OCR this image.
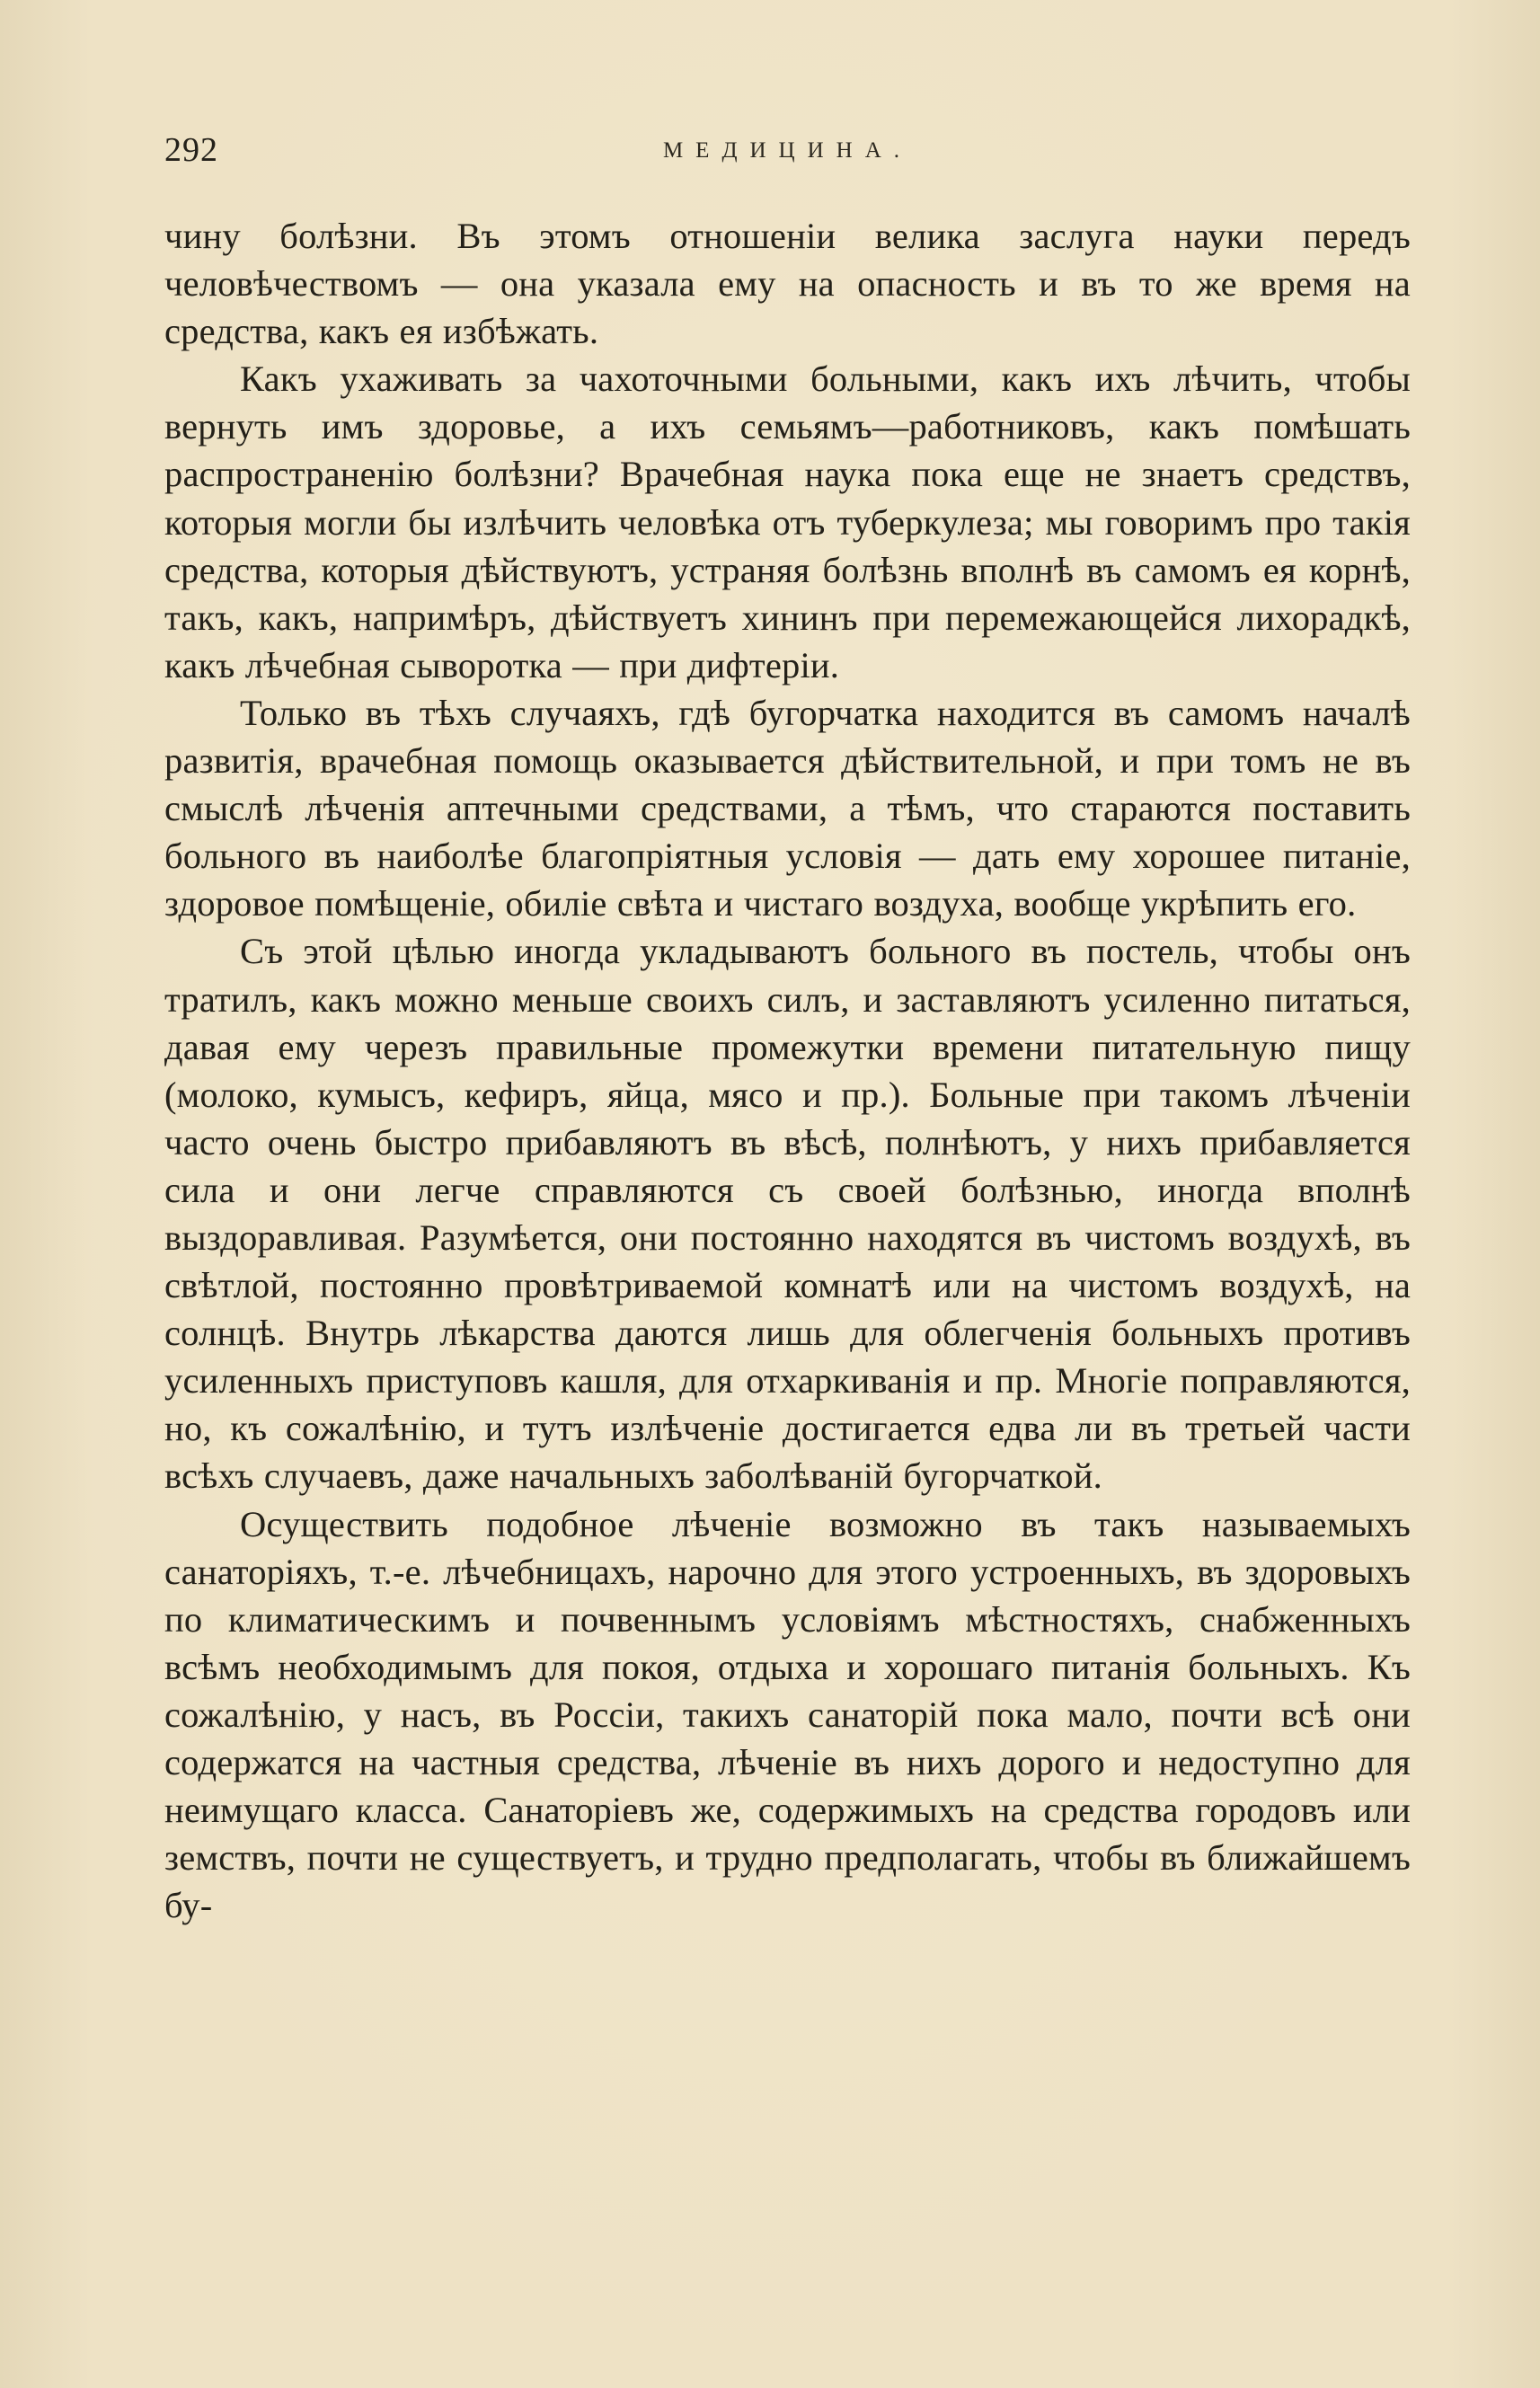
292	МЕДИЦИНА.

чину болѣзни. Въ этомъ отношеніи велика заслуга науки передъ человѣчествомъ — она указала ему на опасность и въ то же время на средства, какъ ея избѣжать.

Какъ ухаживать за чахоточными больными, какъ ихъ лѣчить, чтобы вернуть имъ здоровье, а ихъ семьямъ—работниковъ, какъ помѣшать распространенію болѣзни? Врачебная наука пока еще не знаетъ средствъ, которыя могли бы излѣчить человѣка отъ туберкулеза; мы говоримъ про такія средства, которыя дѣйствуютъ, устраняя болѣзнь вполнѣ въ самомъ ея корнѣ, такъ, какъ, напримѣръ, дѣйствуетъ хининъ при перемежающейся лихорадкѣ, какъ лѣчебная сыворотка — при дифтеріи.

Только въ тѣхъ случаяхъ, гдѣ бугорчатка находится въ самомъ началѣ развитія, врачебная помощь оказывается дѣйствительной, и при томъ не въ смыслѣ лѣченія аптечными средствами, а тѣмъ, что стараются поставить больного въ наиболѣе благопріятныя условія — дать ему хорошее питаніе, здоровое помѣщеніе, обиліе свѣта и чистаго воздуха, вообще укрѣпить его.

Съ этой цѣлью иногда укладываютъ больного въ постель, чтобы онъ тратилъ, какъ можно меньше своихъ силъ, и заставляютъ усиленно питаться, давая ему черезъ правильные промежутки времени питательную пищу (молоко, кумысъ, кефиръ, яйца, мясо и пр.). Больные при такомъ лѣченіи часто очень быстро прибавляютъ въ вѣсѣ, полнѣютъ, у нихъ прибавляется сила и они легче справляются съ своей болѣзнью, иногда вполнѣ выздоравливая. Разумѣется, они постоянно находятся въ чистомъ воздухѣ, въ свѣтлой, постоянно провѣтриваемой комнатѣ или на чистомъ воздухѣ, на солнцѣ. Внутрь лѣкарства даются лишь для облегченія больныхъ противъ усиленныхъ приступовъ кашля, для отхаркиванія и пр. Многіе поправляются, но, къ сожалѣнію, и тутъ излѣченіе достигается едва ли въ третьей части всѣхъ случаевъ, даже начальныхъ заболѣваній бугорчаткой.

Осуществить подобное лѣченіе возможно въ такъ называемыхъ санаторіяхъ, т.-е. лѣчебницахъ, нарочно для этого устроенныхъ, въ здоровыхъ по климатическимъ и почвеннымъ условіямъ мѣстностяхъ, снабженныхъ всѣмъ необходимымъ для покоя, отдыха и хорошаго питанія больныхъ. Къ сожалѣнію, у насъ, въ Россіи, такихъ санаторій пока мало, почти всѣ они содержатся на частныя средства, лѣченіе въ нихъ дорого и недоступно для неимущаго класса. Санаторіевъ же, содержимыхъ на средства городовъ или земствъ, почти не существуетъ, и трудно предполагать, чтобы въ ближайшемъ бу-
